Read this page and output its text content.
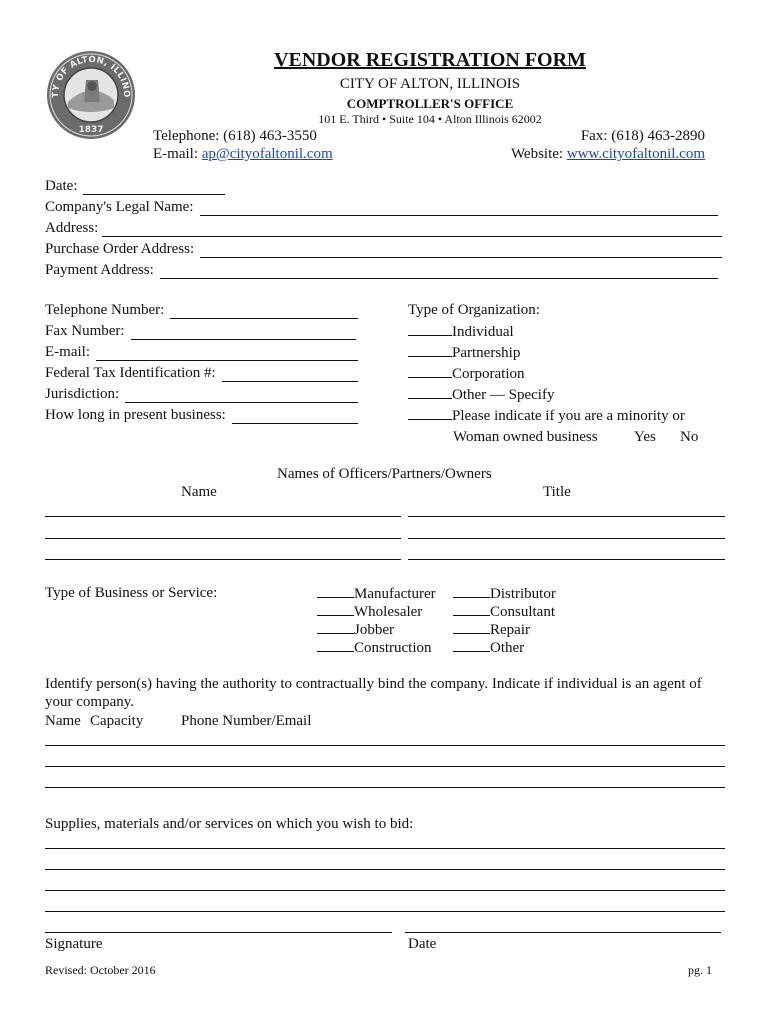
TY OF ALTON, ILLINO
1837
VENDOR REGISTRATION FORM
CITY OF ALTON, ILLINOIS
COMPTROLLER'S OFFICE
101 E. Third • Suite 104 • Alton Illinois 62002
Telephone: (618) 463-3550	Fax: (618) 463-2890
E-mail: ap@cityofaltonil.com	Website: www.cityofaltonil.com
Date:
Company's Legal Name:
Address:
Purchase Order Address:
Payment Address:
Telephone Number:
Fax Number:
E-mail:
Federal Tax Identification #:
Jurisdiction:
How long in present business:
Type of Organization:
Individual
Partnership
Corporation
Other — Specify
Please indicate if you are a minority or
Woman owned business Yes No
Names of Officers/Partners/Owners
Name	Title
Type of Business or Service:	Manufacturer
Wholesaler
Jobber
Construction
Distributor
Consultant
Repair
Other
Identify person(s) having the authority to contractually bind the company. Indicate if individual is an agent of
your company.
Name Capacity	Phone Number/Email
Supplies, materials and/or services on which you wish to bid:
Signature	Date
Revised: October 2016	pg. 1
